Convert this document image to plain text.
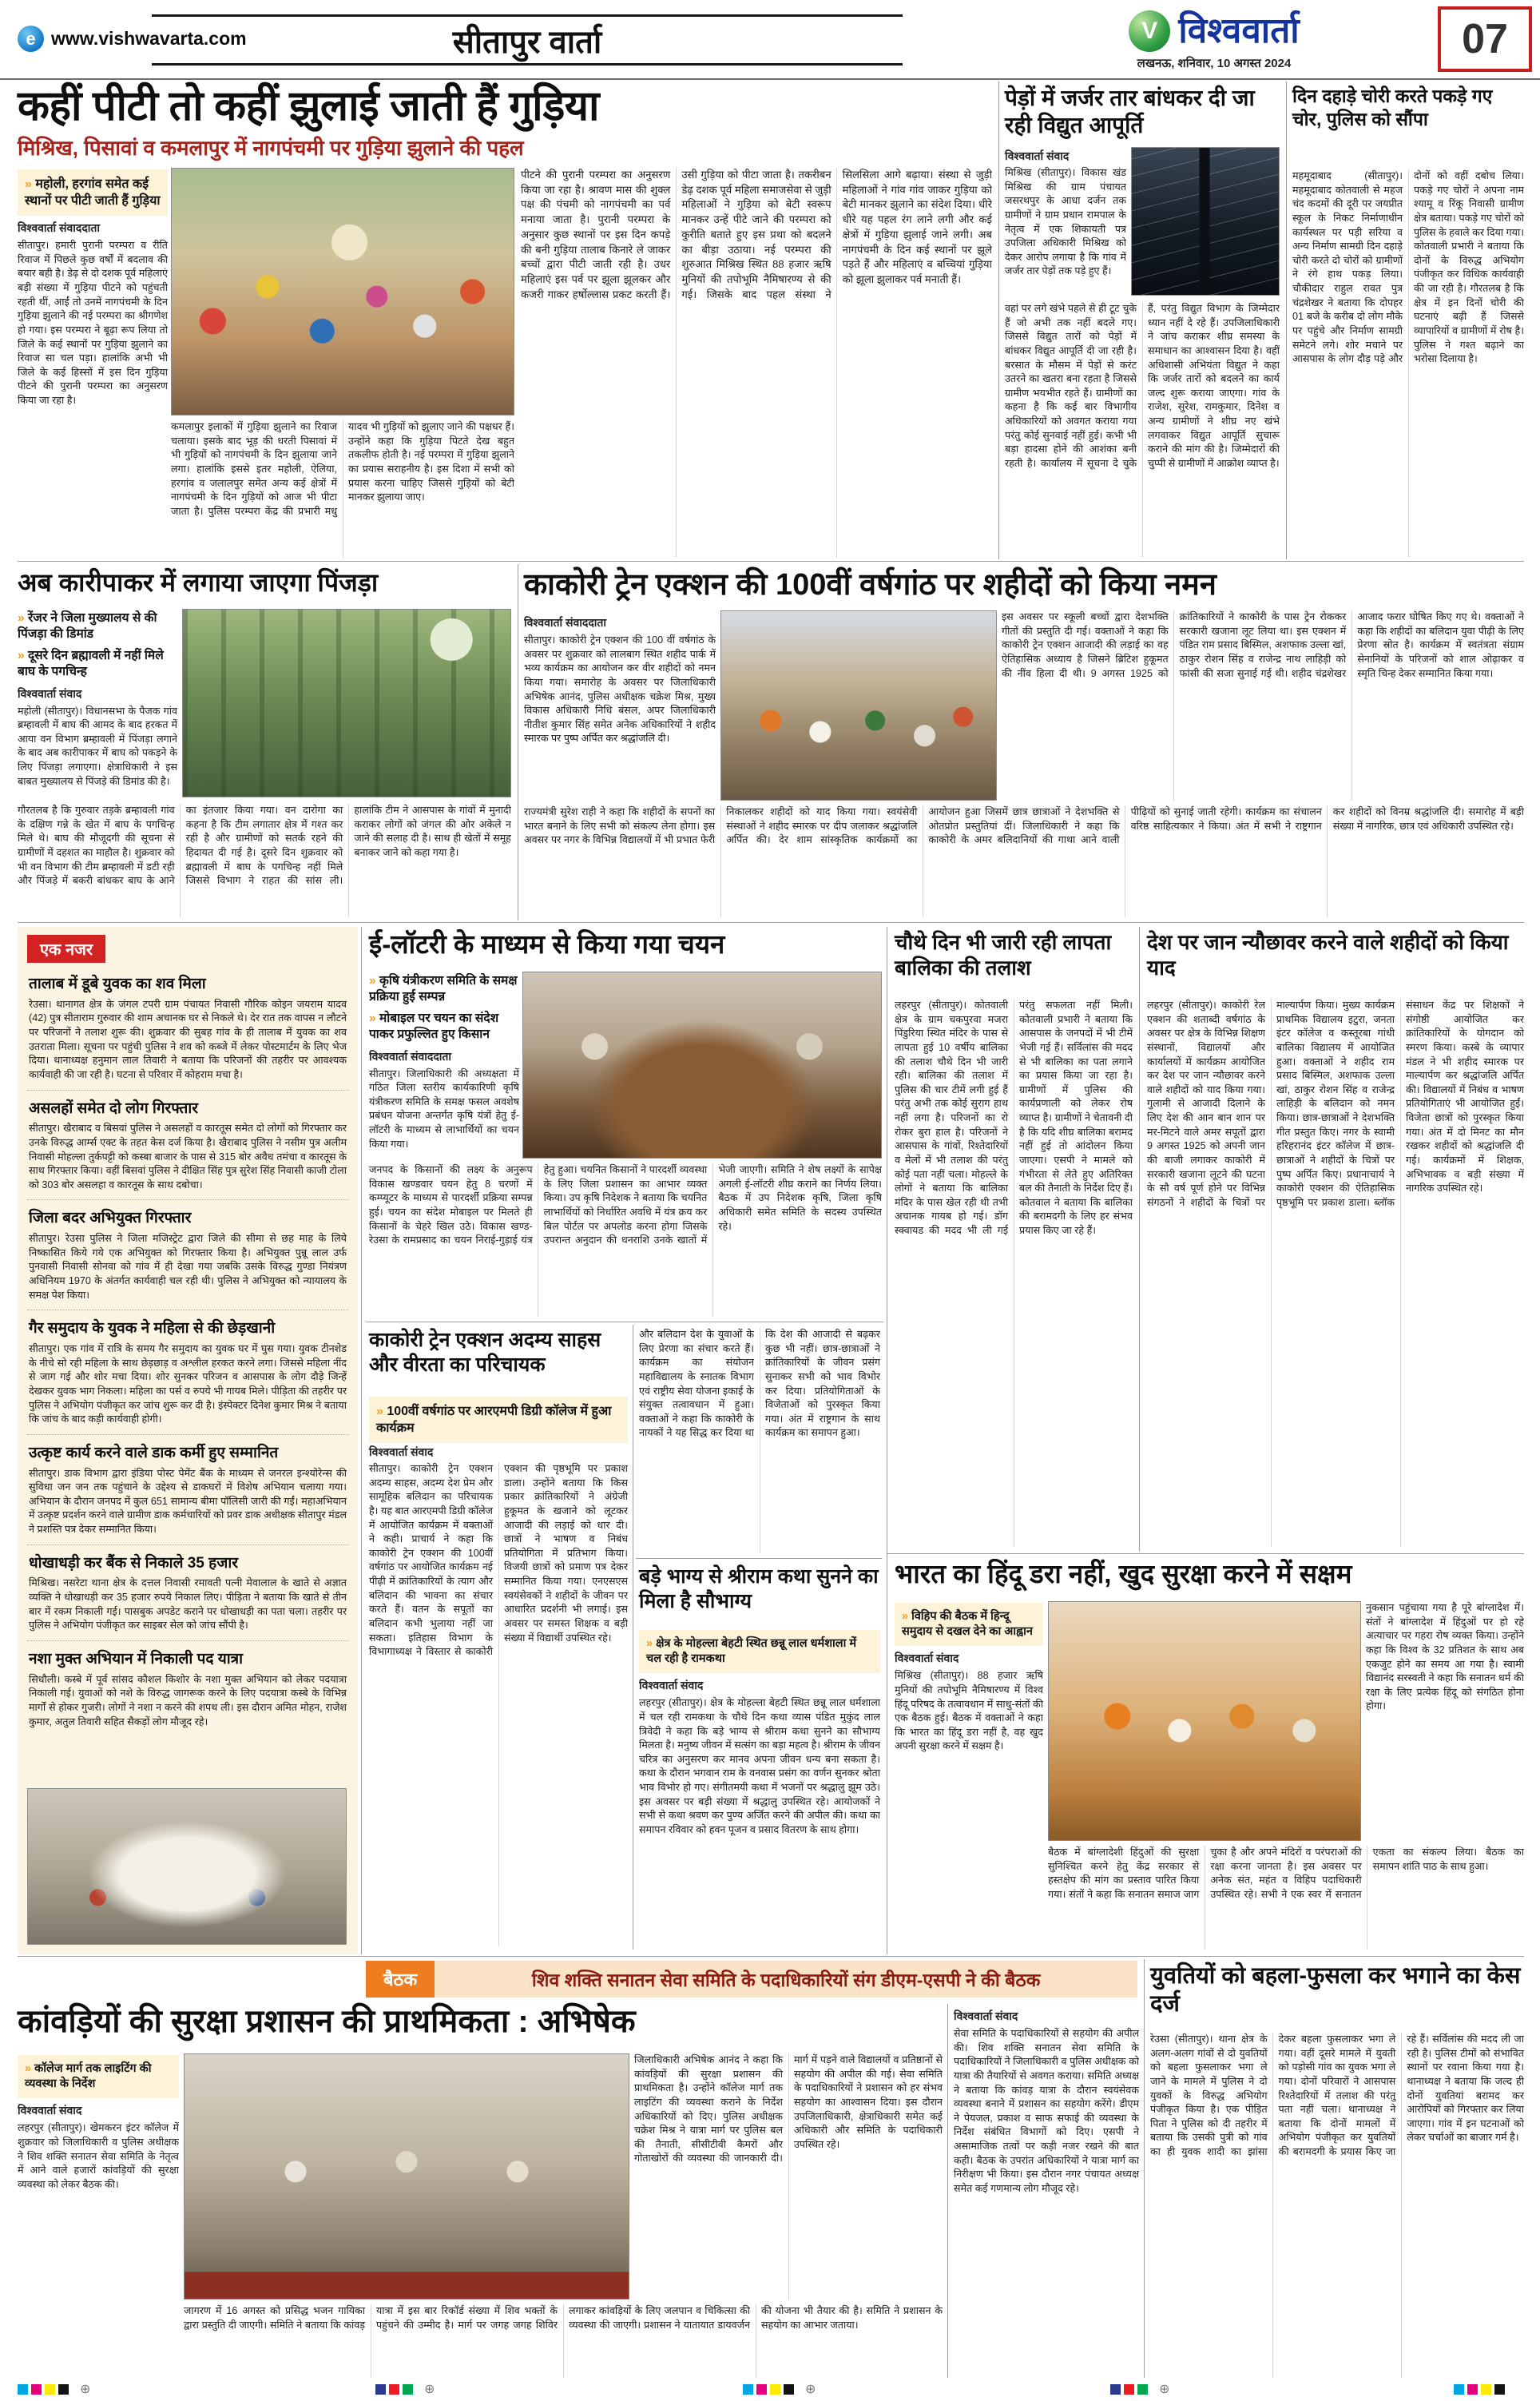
e www.vishwavarta.com	सीतापुर वार्ता	V विश्ववार्ता
लखनऊ, शनिवार, 10 अगस्त 2024
07
कहीं पीटी तो कहीं झुलाई जाती हैं गुड़िया
मिश्रिख, पिसावां व कमलापुर में नागपंचमी पर गुड़िया झुलाने की पहल
» महोली, हरगांव समेत कई स्थानों पर पीटी जाती हैं गुड़िया

विश्ववार्ता संवाददाता

सीतापुर। हमारी पुरानी परम्परा व रीति रिवाज में पिछले कुछ वर्षों में बदलाव की बयार बही है। डेढ़ से दो दशक पूर्व महिलाएं बड़ी संख्या में गुड़िया पीटने को पहुंचती रहती थीं, आईं तो उनमें नागपंचमी के दिन गुड़िया झुलाने की नई परम्परा का श्रीगणेश हो गया। इस परम्परा ने बूढ़ा रूप लिया तो जिले के कई स्थानों पर गुड़िया झुलाने का रिवाज सा चल पड़ा। हालांकि अभी भी जिले के कई हिस्सों में इस दिन गुड़िया पीटने की पुरानी परम्परा का अनुसरण किया जा रहा है।

कमलापुर इलाकों में गुड़िया झुलाने का रिवाज चलाया। इसके बाद भूड़ की धरती पिसावां में भी गुड़ियों को नागपंचमी के दिन झुलाया जाने लगा। हालांकि इससे इतर महोली, ऐलिया, हरगांव व जलालपुर समेत अन्य कई क्षेत्रों में नागपंचमी के दिन गुड़ियों को आज भी पीटा जाता है। पुलिस परम्परा केंद्र की प्रभारी मधु यादव भी गुड़ियों को झुलाए जाने की पक्षधर हैं। उन्होंने कहा कि गुड़िया पिटते देख बहुत तकलीफ होती है। नई परम्परा में गुड़िया झुलाने का प्रयास सराहनीय है। इस दिशा में सभी को प्रयास करना चाहिए जिससे गुड़ियों को बेटी मानकर झुलाया जाए।
पीटने की पुरानी परम्परा का अनुसरण किया जा रहा है। श्रावण मास की शुक्ल पक्ष की पंचमी को नागपंचमी का पर्व मनाया जाता है। पुरानी परम्परा के अनुसार कुछ स्थानों पर इस दिन कपड़े की बनी गुड़िया तालाब किनारे ले जाकर बच्चों द्वारा पीटी जाती रही है। उधर महिलाएं इस पर्व पर झूला झूलकर और कजरी गाकर हर्षोल्लास प्रकट करती हैं। उसी गुड़िया को पीटा जाता है। तकरीबन डेढ़ दशक पूर्व महिला समाजसेवा से जुड़ी महिलाओं ने गुड़िया को बेटी स्वरूप मानकर उन्हें पीटे जाने की परम्परा को कुरीति बताते हुए इस प्रथा को बदलने का बीड़ा उठाया। नई परम्परा की शुरुआत मिश्रिख स्थित 88 हजार ऋषि मुनियों की तपोभूमि नैमिषारण्य से की गई। जिसके बाद पहल संस्था ने सिलसिला आगे बढ़ाया। संस्था से जुड़ी महिलाओं ने गांव गांव जाकर गुड़िया को बेटी मानकर झुलाने का संदेश दिया। धीरे धीरे यह पहल रंग लाने लगी और कई क्षेत्रों में गुड़िया झुलाई जाने लगी। अब नागपंचमी के दिन कई स्थानों पर झूले पड़ते हैं और महिलाएं व बच्चियां गुड़िया को झूला झुलाकर पर्व मनाती हैं।
पेड़ों में जर्जर तार बांधकर दी जा रही विद्युत आपूर्ति

विश्ववार्ता संवाद

मिश्रिख (सीतापुर)। विकास खंड मिश्रिख की ग्राम पंचायत जसरथपुर के आधा दर्जन तक ग्रामीणों ने ग्राम प्रधान रामपाल के नेतृत्व में एक शिकायती पत्र उपजिला अधिकारी मिश्रिख को देकर आरोप लगाया है कि गांव में जर्जर तार पेड़ों तक पड़े हुए हैं।
वहां पर लगे खंभे पहले से ही टूट चुके हैं जो अभी तक नहीं बदले गए। जिससे विद्युत तारों को पेड़ों में बांधकर विद्युत आपूर्ति दी जा रही है। बरसात के मौसम में पेड़ों से करंट उतरने का खतरा बना रहता है जिससे ग्रामीण भयभीत रहते हैं। ग्रामीणों का कहना है कि कई बार विभागीय अधिकारियों को अवगत कराया गया परंतु कोई सुनवाई नहीं हुई। कभी भी बड़ा हादसा होने की आशंका बनी रहती है। कार्यालय में सूचना दे चुके हैं, परंतु विद्युत विभाग के जिम्मेदार ध्यान नहीं दे रहे हैं। उपजिलाधिकारी ने जांच कराकर शीघ्र समस्या के समाधान का आश्वासन दिया है। वहीं अधिशासी अभियंता विद्युत ने कहा कि जर्जर तारों को बदलने का कार्य जल्द शुरू कराया जाएगा। गांव के राजेश, सुरेश, रामकुमार, दिनेश व अन्य ग्रामीणों ने शीघ्र नए खंभे लगवाकर विद्युत आपूर्ति सुचारू कराने की मांग की है। जिम्मेदारों की चुप्पी से ग्रामीणों में आक्रोश व्याप्त है।
दिन दहाड़े चोरी करते पकड़े गए चोर, पुलिस को सौंपा
महमूदाबाद (सीतापुर)। महमूदाबाद कोतवाली से महज चंद कदमों की दूरी पर जयप्रीत स्कूल के निकट निर्माणाधीन कार्यस्थल पर पड़ी सरिया व अन्य निर्माण सामग्री दिन दहाड़े चोरी करते दो चोरों को ग्रामीणों ने रंगे हाथ पकड़ लिया। चौकीदार राहुल रावत पुत्र चंद्रशेखर ने बताया कि दोपहर 01 बजे के करीब दो लोग मौके पर पहुंचे और निर्माण सामग्री समेटने लगे। शोर मचाने पर आसपास के लोग दौड़ पड़े और दोनों को वहीं दबोच लिया। पकड़े गए चोरों ने अपना नाम श्यामू व रिंकू निवासी ग्रामीण क्षेत्र बताया। पकड़े गए चोरों को पुलिस के हवाले कर दिया गया। कोतवाली प्रभारी ने बताया कि दोनों के विरुद्ध अभियोग पंजीकृत कर विधिक कार्यवाही की जा रही है। गौरतलब है कि क्षेत्र में इन दिनों चोरी की घटनाएं बढ़ी हैं जिससे व्यापारियों व ग्रामीणों में रोष है। पुलिस ने गश्त बढ़ाने का भरोसा दिलाया है।
अब कारीपाकर में लगाया जाएगा पिंजड़ा

» रेंजर ने जिला मुख्यालय से की पिंजड़ा की डिमांड

» दूसरे दिन ब्रह्मावली में नहीं मिले बाघ के पगचिन्ह

विश्ववार्ता संवाद

महोली (सीतापुर)। विधानसभा के पैजक गांव ब्रम्हावली में बाघ की आमद के बाद हरकत में आया वन विभाग ब्रम्हावली में पिंजड़ा लगाने के बाद अब कारीपाकर में बाघ को पकड़ने के लिए पिंजड़ा लगाएगा। क्षेत्राधिकारी ने इस बाबत मुख्यालय से पिंजड़े की डिमांड की है।

गौरतलब है कि गुरुवार तड़के ब्रम्हावली गांव के दक्षिण गन्ने के खेत में बाघ के पगचिन्ह मिले थे। बाघ की मौजूदगी की सूचना से ग्रामीणों में दहशत का माहौल है। शुक्रवार को भी वन विभाग की टीम ब्रम्हावली में डटी रही और पिंजड़े में बकरी बांधकर बाघ के आने का इंतजार किया गया। वन दारोगा का कहना है कि टीम लगातार क्षेत्र में गश्त कर रही है और ग्रामीणों को सतर्क रहने की हिदायत दी गई है। दूसरे दिन शुक्रवार को ब्रह्मावली में बाघ के पगचिन्ह नहीं मिले जिससे विभाग ने राहत की सांस ली। हालांकि टीम ने आसपास के गांवों में मुनादी कराकर लोगों को जंगल की ओर अकेले न जाने की सलाह दी है। साथ ही खेतों में समूह बनाकर जाने को कहा गया है।
काकोरी ट्रेन एक्शन की 100वीं वर्षगांठ पर शहीदों को किया नमन

विश्ववार्ता संवाददाता

सीतापुर। काकोरी ट्रेन एक्शन की 100 वीं वर्षगांठ के अवसर पर शुक्रवार को लालबाग स्थित शहीद पार्क में भव्य कार्यक्रम का आयोजन कर वीर शहीदों को नमन किया गया। समारोह के अवसर पर जिलाधिकारी अभिषेक आनंद, पुलिस अधीक्षक चक्रेश मिश्र, मुख्य विकास अधिकारी निधि बंसल, अपर जिलाधिकारी नीतीश कुमार सिंह समेत अनेक अधिकारियों ने शहीद स्मारक पर पुष्प अर्पित कर श्रद्धांजलि दी।

इस अवसर पर स्कूली बच्चों द्वारा देशभक्ति गीतों की प्रस्तुति दी गई। वक्ताओं ने कहा कि काकोरी ट्रेन एक्शन आजादी की लड़ाई का वह ऐतिहासिक अध्याय है जिसने ब्रिटिश हुकूमत की नींव हिला दी थी। 9 अगस्त 1925 को क्रांतिकारियों ने काकोरी के पास ट्रेन रोककर सरकारी खजाना लूट लिया था। इस एक्शन में पंडित राम प्रसाद बिस्मिल, अशफाक उल्ला खां, ठाकुर रोशन सिंह व राजेन्द्र नाथ लाहिड़ी को फांसी की सजा सुनाई गई थी। शहीद चंद्रशेखर आजाद फरार घोषित किए गए थे। वक्ताओं ने कहा कि शहीदों का बलिदान युवा पीढ़ी के लिए प्रेरणा स्रोत है। कार्यक्रम में स्वतंत्रता संग्राम सेनानियों के परिजनों को शाल ओढ़ाकर व स्मृति चिन्ह देकर सम्मानित किया गया।
राज्यमंत्री सुरेश राही ने कहा कि शहीदों के सपनों का भारत बनाने के लिए सभी को संकल्प लेना होगा। इस अवसर पर नगर के विभिन्न विद्यालयों में भी प्रभात फेरी निकालकर शहीदों को याद किया गया। स्वयंसेवी संस्थाओं ने शहीद स्मारक पर दीप जलाकर श्रद्धांजलि अर्पित की। देर शाम सांस्कृतिक कार्यक्रमों का आयोजन हुआ जिसमें छात्र छात्राओं ने देशभक्ति से ओतप्रोत प्रस्तुतियां दीं। जिलाधिकारी ने कहा कि काकोरी के अमर बलिदानियों की गाथा आने वाली पीढ़ियों को सुनाई जाती रहेगी। कार्यक्रम का संचालन वरिष्ठ साहित्यकार ने किया। अंत में सभी ने राष्ट्रगान कर शहीदों को विनम्र श्रद्धांजलि दी। समारोह में बड़ी संख्या में नागरिक, छात्र एवं अधिकारी उपस्थित रहे।
एक नजर
तालाब में डूबे युवक का शव मिला

रेउसा। थानागत क्षेत्र के जंगल टपरी ग्राम पंचायत निवासी गौरिक कोइन जयराम यादव (42) पुत्र सीताराम गुरुवार की शाम अचानक घर से निकले थे। देर रात तक वापस न लौटने पर परिजनों ने तलाश शुरू की। शुक्रवार की सुबह गांव के ही तालाब में युवक का शव उतराता मिला। सूचना पर पहुंची पुलिस ने शव को कब्जे में लेकर पोस्टमार्टम के लिए भेज दिया। थानाध्यक्ष हनुमान लाल तिवारी ने बताया कि परिजनों की तहरीर पर आवश्यक कार्यवाही की जा रही है। घटना से परिवार में कोहराम मचा है।

असलहों समेत दो लोग गिरफ्तार

सीतापुर। खैराबाद व बिसवां पुलिस ने असलहों व कारतूस समेत दो लोगों को गिरफ्तार कर उनके विरुद्ध आर्म्स एक्ट के तहत केस दर्ज किया है। खैराबाद पुलिस ने नसीम पुत्र अलीम निवासी मोहल्ला तुर्कपट्टी को कस्बा बाजार के पास से 315 बोर अवैध तमंचा व कारतूस के साथ गिरफ्तार किया। वहीं बिसवां पुलिस ने दीक्षित सिंह पुत्र सुरेश सिंह निवासी काजी टोला को 303 बोर असलहा व कारतूस के साथ दबोचा।

जिला बदर अभियुक्त गिरफ्तार

सीतापुर। रेउसा पुलिस ने जिला मजिस्ट्रेट द्वारा जिले की सीमा से छह माह के लिये निष्कासित किये गये एक अभियुक्त को गिरफ्तार किया है। अभियुक्त पुन्नू लाल उर्फ पुनवासी निवासी सोनवा को गांव में ही देखा गया जबकि उसके विरुद्ध गुण्डा नियंत्रण अधिनियम 1970 के अंतर्गत कार्यवाही चल रही थी। पुलिस ने अभियुक्त को न्यायालय के समक्ष पेश किया।

गैर समुदाय के युवक ने महिला से की छेड़खानी

सीतापुर। एक गांव में रात्रि के समय गैर समुदाय का युवक घर में घुस गया। युवक टीनशेड के नीचे सो रही महिला के साथ छेड़छाड़ व अश्लील हरकत करने लगा। जिससे महिला नींद से जाग गई और शोर मचा दिया। शोर सुनकर परिजन व आसपास के लोग दौड़े जिन्हें देखकर युवक भाग निकला। महिला का पर्स व रुपये भी गायब मिले। पीड़िता की तहरीर पर पुलिस ने अभियोग पंजीकृत कर जांच शुरू कर दी है। इंस्पेक्टर दिनेश कुमार मिश्र ने बताया कि जांच के बाद कड़ी कार्यवाही होगी।

उत्कृष्ट कार्य करने वाले डाक कर्मी हुए सम्मानित

सीतापुर। डाक विभाग द्वारा इंडिया पोस्ट पेमेंट बैंक के माध्यम से जनरल इन्श्योरेन्स की सुविधा जन जन तक पहुंचाने के उद्देश्य से डाकघरों में विशेष अभियान चलाया गया। अभियान के दौरान जनपद में कुल 651 सामान्य बीमा पॉलिसी जारी की गईं। महाअभियान में उत्कृष्ट प्रदर्शन करने वाले ग्रामीण डाक कर्मचारियों को प्रवर डाक अधीक्षक सीतापुर मंडल ने प्रशस्ति पत्र देकर सम्मानित किया।

धोखाधड़ी कर बैंक से निकाले 35 हजार

मिश्रिख। नसरेटा थाना क्षेत्र के दत्तल निवासी रमावती पत्नी मेवालाल के खाते से अज्ञात व्यक्ति ने धोखाधड़ी कर 35 हजार रुपये निकाल लिए। पीड़िता ने बताया कि खाते से तीन बार में रकम निकाली गई। पासबुक अपडेट कराने पर धोखाधड़ी का पता चला। तहरीर पर पुलिस ने अभियोग पंजीकृत कर साइबर सेल को जांच सौंपी है।

नशा मुक्त अभियान में निकाली पद यात्रा

सिधौली। कस्बे में पूर्व सांसद कौशल किशोर के नशा मुक्त अभियान को लेकर पदयात्रा निकाली गई। युवाओं को नशे के विरुद्ध जागरूक करने के लिए पदयात्रा कस्बे के विभिन्न मार्गों से होकर गुजरी। लोगों ने नशा न करने की शपथ ली। इस दौरान अमित मोहन, राजेश कुमार, अतुल तिवारी सहित सैकड़ों लोग मौजूद रहे।

ई-लॉटरी के माध्यम से किया गया चयन

» कृषि यंत्रीकरण समिति के समक्ष प्रक्रिया हुई सम्पन्न

» मोबाइल पर चयन का संदेश पाकर प्रफुल्लित हुए किसान

विश्ववार्ता संवाददाता

सीतापुर। जिलाधिकारी की अध्यक्षता में गठित जिला स्तरीय कार्यकारिणी कृषि यंत्रीकरण समिति के समक्ष फसल अवशेष प्रबंधन योजना अन्तर्गत कृषि यंत्रों हेतु ई-लॉटरी के माध्यम से लाभार्थियों का चयन किया गया।

जनपद के किसानों की लक्ष्य के अनुरूप विकास खण्डवार चयन हेतु 8 चरणों में कम्प्यूटर के माध्यम से पारदर्शी प्रक्रिया सम्पन्न हुई। चयन का संदेश मोबाइल पर मिलते ही किसानों के चेहरे खिल उठे। विकास खण्ड-रेउसा के रामप्रसाद का चयन निराई-गुड़ाई यंत्र हेतु हुआ। चयनित किसानों ने पारदर्शी व्यवस्था के लिए जिला प्रशासन का आभार व्यक्त किया। उप कृषि निदेशक ने बताया कि चयनित लाभार्थियों को निर्धारित अवधि में यंत्र क्रय कर बिल पोर्टल पर अपलोड करना होगा जिसके उपरान्त अनुदान की धनराशि उनके खातों में भेजी जाएगी। समिति ने शेष लक्ष्यों के सापेक्ष अगली ई-लॉटरी शीघ्र कराने का निर्णय लिया। बैठक में उप निदेशक कृषि, जिला कृषि अधिकारी समेत समिति के सदस्य उपस्थित रहे।
चौथे दिन भी जारी रही लापता बालिका की तलाश
लहरपुर (सीतापुर)। कोतवाली क्षेत्र के ग्राम चकपुरवा मजरा पिंडुरिया स्थित मंदिर के पास से लापता हुई 10 वर्षीय बालिका की तलाश चौथे दिन भी जारी रही। बालिका की तलाश में पुलिस की चार टीमें लगी हुई हैं परंतु अभी तक कोई सुराग हाथ नहीं लगा है। परिजनों का रो रोकर बुरा हाल है। परिजनों ने आसपास के गांवों, रिश्तेदारियों व मेलों में भी तलाश की परंतु कोई पता नहीं चला। मोहल्ले के लोगों ने बताया कि बालिका मंदिर के पास खेल रही थी तभी अचानक गायब हो गई। डॉग स्क्वायड की मदद भी ली गई परंतु सफलता नहीं मिली। कोतवाली प्रभारी ने बताया कि आसपास के जनपदों में भी टीमें भेजी गई हैं। सर्विलांस की मदद से भी बालिका का पता लगाने का प्रयास किया जा रहा है। ग्रामीणों में पुलिस की कार्यप्रणाली को लेकर रोष व्याप्त है। ग्रामीणों ने चेतावनी दी है कि यदि शीघ्र बालिका बरामद नहीं हुई तो आंदोलन किया जाएगा। एसपी ने मामले को गंभीरता से लेते हुए अतिरिक्त बल की तैनाती के निर्देश दिए हैं। कोतवाल ने बताया कि बालिका की बरामदगी के लिए हर संभव प्रयास किए जा रहे हैं।
देश पर जान न्यौछावर करने वाले शहीदों को किया याद
लहरपुर (सीतापुर)। काकोरी रेल एक्शन की शताब्दी वर्षगांठ के अवसर पर क्षेत्र के विभिन्न शिक्षण संस्थानों, विद्यालयों और कार्यालयों में कार्यक्रम आयोजित कर देश पर जान न्यौछावर करने वाले शहीदों को याद किया गया। गुलामी से आजादी दिलाने के लिए देश की आन बान शान पर मर-मिटने वाले अमर सपूतों द्वारा 9 अगस्त 1925 को अपनी जान की बाजी लगाकर काकोरी में सरकारी खजाना लूटने की घटना के सौ वर्ष पूर्ण होने पर विभिन्न संगठनों ने शहीदों के चित्रों पर माल्यार्पण किया। मुख्य कार्यक्रम प्राथमिक विद्यालय इटुरा, जनता इंटर कॉलेज व कस्तूरबा गांधी बालिका विद्यालय में आयोजित हुआ। वक्ताओं ने शहीद राम प्रसाद बिस्मिल, अशफाक उल्ला खां, ठाकुर रोशन सिंह व राजेन्द्र लाहिड़ी के बलिदान को नमन किया। छात्र-छात्राओं ने देशभक्ति गीत प्रस्तुत किए। नगर के स्वामी हरिहरानंद इंटर कॉलेज में छात्र-छात्राओं ने शहीदों के चित्रों पर पुष्प अर्पित किए। प्रधानाचार्य ने काकोरी एक्शन की ऐतिहासिक पृष्ठभूमि पर प्रकाश डाला। ब्लॉक संसाधन केंद्र पर शिक्षकों ने संगोष्ठी आयोजित कर क्रांतिकारियों के योगदान को स्मरण किया। कस्बे के व्यापार मंडल ने भी शहीद स्मारक पर माल्यार्पण कर श्रद्धांजलि अर्पित की। विद्यालयों में निबंध व भाषण प्रतियोगिताएं भी आयोजित हुईं। विजेता छात्रों को पुरस्कृत किया गया। अंत में दो मिनट का मौन रखकर शहीदों को श्रद्धांजलि दी गई। कार्यक्रमों में शिक्षक, अभिभावक व बड़ी संख्या में नागरिक उपस्थित रहे।
काकोरी ट्रेन एक्शन अदम्य साहस और वीरता का परिचायक
» 100वीं वर्षगांठ पर आरएमपी डिग्री कॉलेज में हुआ कार्यक्रम

विश्ववार्ता संवाद

सीतापुर। काकोरी ट्रेन एक्शन अदम्य साहस, अदम्य देश प्रेम और सामूहिक बलिदान का परिचायक है। यह बात आरएमपी डिग्री कॉलेज में आयोजित कार्यक्रम में वक्ताओं ने कही। प्राचार्य ने कहा कि काकोरी ट्रेन एक्शन की 100वीं वर्षगांठ पर आयोजित कार्यक्रम नई पीढ़ी में क्रांतिकारियों के त्याग और बलिदान की भावना का संचार करते हैं। वतन के सपूतों का बलिदान कभी भुलाया नहीं जा सकता। इतिहास विभाग के विभागाध्यक्ष ने विस्तार से काकोरी एक्शन की पृष्ठभूमि पर प्रकाश डाला। उन्होंने बताया कि किस प्रकार क्रांतिकारियों ने अंग्रेजी हुकूमत के खजाने को लूटकर आजादी की लड़ाई को धार दी। छात्रों ने भाषण व निबंध प्रतियोगिता में प्रतिभाग किया। विजयी छात्रों को प्रमाण पत्र देकर सम्मानित किया गया। एनएसएस स्वयंसेवकों ने शहीदों के जीवन पर आधारित प्रदर्शनी भी लगाई। इस अवसर पर समस्त शिक्षक व बड़ी संख्या में विद्यार्थी उपस्थित रहे।
और बलिदान देश के युवाओं के लिए प्रेरणा का संचार करते हैं। कार्यक्रम का संयोजन महाविद्यालय के स्नातक विभाग एवं राष्ट्रीय सेवा योजना इकाई के संयुक्त तत्वावधान में हुआ। वक्ताओं ने कहा कि काकोरी के नायकों ने यह सिद्ध कर दिया था कि देश की आजादी से बढ़कर कुछ भी नहीं। छात्र-छात्राओं ने क्रांतिकारियों के जीवन प्रसंग सुनाकर सभी को भाव विभोर कर दिया। प्रतियोगिताओं के विजेताओं को पुरस्कृत किया गया। अंत में राष्ट्रगान के साथ कार्यक्रम का समापन हुआ।
बड़े भाग्य से श्रीराम कथा सुनने का मिला है सौभाग्य
» क्षेत्र के मोहल्ला बेहटी स्थित छन्नू लाल धर्मशाला में चल रही है रामकथा

विश्ववार्ता संवाद

लहरपुर (सीतापुर)। क्षेत्र के मोहल्ला बेहटी स्थित छन्नू लाल धर्मशाला में चल रही रामकथा के चौथे दिन कथा व्यास पंडित मुकुंद लाल त्रिवेदी ने कहा कि बड़े भाग्य से श्रीराम कथा सुनने का सौभाग्य मिलता है। मनुष्य जीवन में सत्संग का बड़ा महत्व है। श्रीराम के जीवन चरित्र का अनुसरण कर मानव अपना जीवन धन्य बना सकता है। कथा के दौरान भगवान राम के वनवास प्रसंग का वर्णन सुनकर श्रोता भाव विभोर हो गए। संगीतमयी कथा में भजनों पर श्रद्धालु झूम उठे। इस अवसर पर बड़ी संख्या में श्रद्धालु उपस्थित रहे। आयोजकों ने सभी से कथा श्रवण कर पुण्य अर्जित करने की अपील की। कथा का समापन रविवार को हवन पूजन व प्रसाद वितरण के साथ होगा।

भारत का हिंदू डरा नहीं, खुद सुरक्षा करने में सक्षम
» विहिप की बैठक में हिन्दू समुदाय से दखल देने का आह्वान

विश्ववार्ता संवाद

मिश्रिख (सीतापुर)। 88 हजार ऋषि मुनियों की तपोभूमि नैमिषारण्य में विश्व हिंदू परिषद के तत्वावधान में साधु-संतों की एक बैठक हुई। बैठक में वक्ताओं ने कहा कि भारत का हिंदू डरा नहीं है, वह खुद अपनी सुरक्षा करने में सक्षम है।

नुकसान पहुंचाया गया है पूरे बांग्लादेश में। संतों ने बांग्लादेश में हिंदुओं पर हो रहे अत्याचार पर गहरा रोष व्यक्त किया। उन्होंने कहा कि विश्व के 32 प्रतिशत के साथ अब एकजुट होने का समय आ गया है। स्वामी विद्यानंद सरस्वती ने कहा कि सनातन धर्म की रक्षा के लिए प्रत्येक हिंदू को संगठित होना होगा।
बैठक में बांग्लादेशी हिंदुओं की सुरक्षा सुनिश्चित करने हेतु केंद्र सरकार से हस्तक्षेप की मांग का प्रस्ताव पारित किया गया। संतों ने कहा कि सनातन समाज जाग चुका है और अपने मंदिरों व परंपराओं की रक्षा करना जानता है। इस अवसर पर अनेक संत, महंत व विहिप पदाधिकारी उपस्थित रहे। सभी ने एक स्वर में सनातन एकता का संकल्प लिया। बैठक का समापन शांति पाठ के साथ हुआ।
बैठक	शिव शक्ति सनातन सेवा समिति के पदाधिकारियों संग डीएम-एसपी ने की बैठक
कांवड़ियों की सुरक्षा प्रशासन की प्राथमिकता : अभिषेक
» कॉलेज मार्ग तक लाइटिंग की व्यवस्था के निर्देश

विश्ववार्ता संवाद

लहरपुर (सीतापुर)। खेमकरन इंटर कॉलेज में शुक्रवार को जिलाधिकारी व पुलिस अधीक्षक ने शिव शक्ति सनातन सेवा समिति के नेतृत्व में आने वाले हजारों कांवड़ियों की सुरक्षा व्यवस्था को लेकर बैठक की।

जिलाधिकारी अभिषेक आनंद ने कहा कि कांवड़ियों की सुरक्षा प्रशासन की प्राथमिकता है। उन्होंने कॉलेज मार्ग तक लाइटिंग की व्यवस्था कराने के निर्देश अधिकारियों को दिए। पुलिस अधीक्षक चक्रेश मिश्र ने यात्रा मार्ग पर पुलिस बल की तैनाती, सीसीटीवी कैमरों और गोताखोरों की व्यवस्था की जानकारी दी। मार्ग में पड़ने वाले विद्यालयों व प्रतिष्ठानों से सहयोग की अपील की गई। सेवा समिति के पदाधिकारियों ने प्रशासन को हर संभव सहयोग का आश्वासन दिया। इस दौरान उपजिलाधिकारी, क्षेत्राधिकारी समेत कई अधिकारी और समिति के पदाधिकारी उपस्थित रहे।
जागरण में 16 अगस्त को प्रसिद्ध भजन गायिका द्वारा प्रस्तुति दी जाएगी। समिति ने बताया कि कांवड़ यात्रा में इस बार रिकॉर्ड संख्या में शिव भक्तों के पहुंचने की उम्मीद है। मार्ग पर जगह जगह शिविर लगाकर कांवड़ियों के लिए जलपान व चिकित्सा की व्यवस्था की जाएगी। प्रशासन ने यातायात डायवर्जन की योजना भी तैयार की है। समिति ने प्रशासन के सहयोग का आभार जताया।

विश्ववार्ता संवाद

सेवा समिति के पदाधिकारियों से सहयोग की अपील की। शिव शक्ति सनातन सेवा समिति के पदाधिकारियों ने जिलाधिकारी व पुलिस अधीक्षक को यात्रा की तैयारियों से अवगत कराया। समिति अध्यक्ष ने बताया कि कांवड़ यात्रा के दौरान स्वयंसेवक व्यवस्था बनाने में प्रशासन का सहयोग करेंगे। डीएम ने पेयजल, प्रकाश व साफ सफाई की व्यवस्था के निर्देश संबंधित विभागों को दिए। एसपी ने असामाजिक तत्वों पर कड़ी नजर रखने की बात कही। बैठक के उपरांत अधिकारियों ने यात्रा मार्ग का निरीक्षण भी किया। इस दौरान नगर पंचायत अध्यक्ष समेत कई गणमान्य लोग मौजूद रहे।

युवतियों को बहला-फुसला कर भगाने का केस दर्ज
रेउसा (सीतापुर)। थाना क्षेत्र के अलग-अलग गांवों से दो युवतियों को बहला फुसलाकर भगा ले जाने के मामले में पुलिस ने दो युवकों के विरुद्ध अभियोग पंजीकृत किया है। एक पीड़ित पिता ने पुलिस को दी तहरीर में बताया कि उसकी पुत्री को गांव का ही युवक शादी का झांसा देकर बहला फुसलाकर भगा ले गया। वहीं दूसरे मामले में युवती को पड़ोसी गांव का युवक भगा ले गया। दोनों परिवारों ने आसपास रिश्तेदारियों में तलाश की परंतु पता नहीं चला। थानाध्यक्ष ने बताया कि दोनों मामलों में अभियोग पंजीकृत कर युवतियों की बरामदगी के प्रयास किए जा रहे हैं। सर्विलांस की मदद ली जा रही है। पुलिस टीमों को संभावित स्थानों पर रवाना किया गया है। थानाध्यक्ष ने बताया कि जल्द ही दोनों युवतियां बरामद कर आरोपियों को गिरफ्तार कर लिया जाएगा। गांव में इन घटनाओं को लेकर चर्चाओं का बाजार गर्म है।
⊕	⊕	⊕	⊕
